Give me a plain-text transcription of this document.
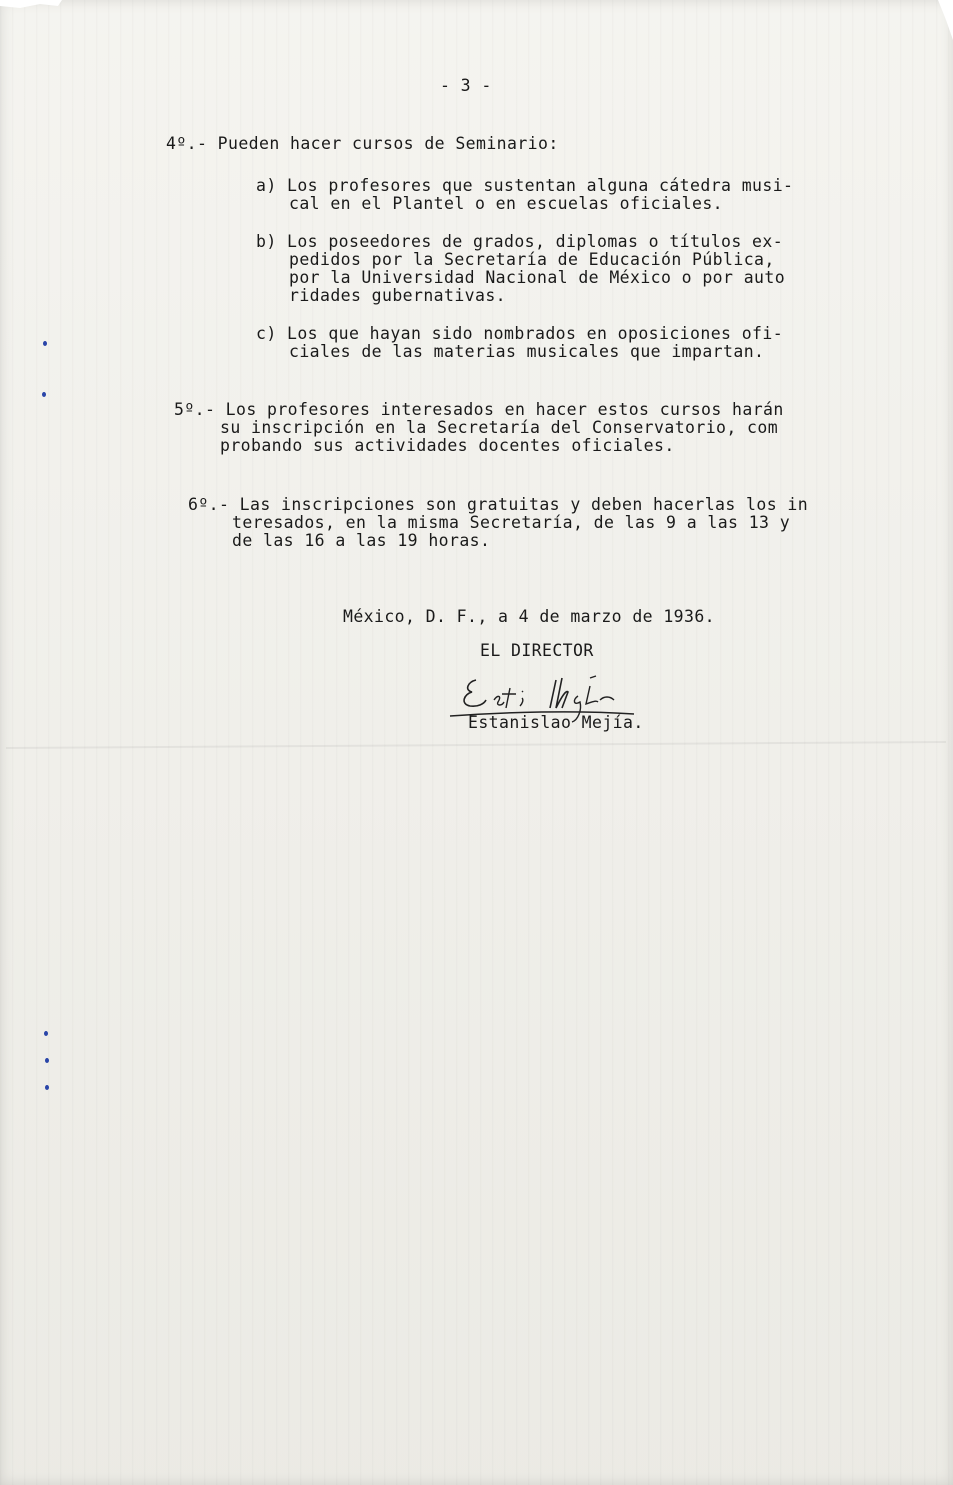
- 3 -
4º.- Pueden hacer cursos de Seminario:
a) Los profesores que sustentan alguna cátedra musi-
cal en el Plantel o en escuelas oficiales.
b) Los poseedores de grados, diplomas o títulos ex-
pedidos por la Secretaría de Educación Pública,
por la Universidad Nacional de México o por auto
ridades gubernativas.
c) Los que hayan sido nombrados en oposiciones ofi-
ciales de las materias musicales que impartan.
5º.- Los profesores interesados en hacer estos cursos harán
su inscripción en la Secretaría del Conservatorio, com
probando sus actividades docentes oficiales.
6º.- Las inscripciones son gratuitas y deben hacerlas los in
teresados, en la misma Secretaría, de las 9 a las 13 y
de las 16 a las 19 horas.
México, D. F., a 4 de marzo de 1936.
EL DIRECTOR
Estanislao Mejía.
